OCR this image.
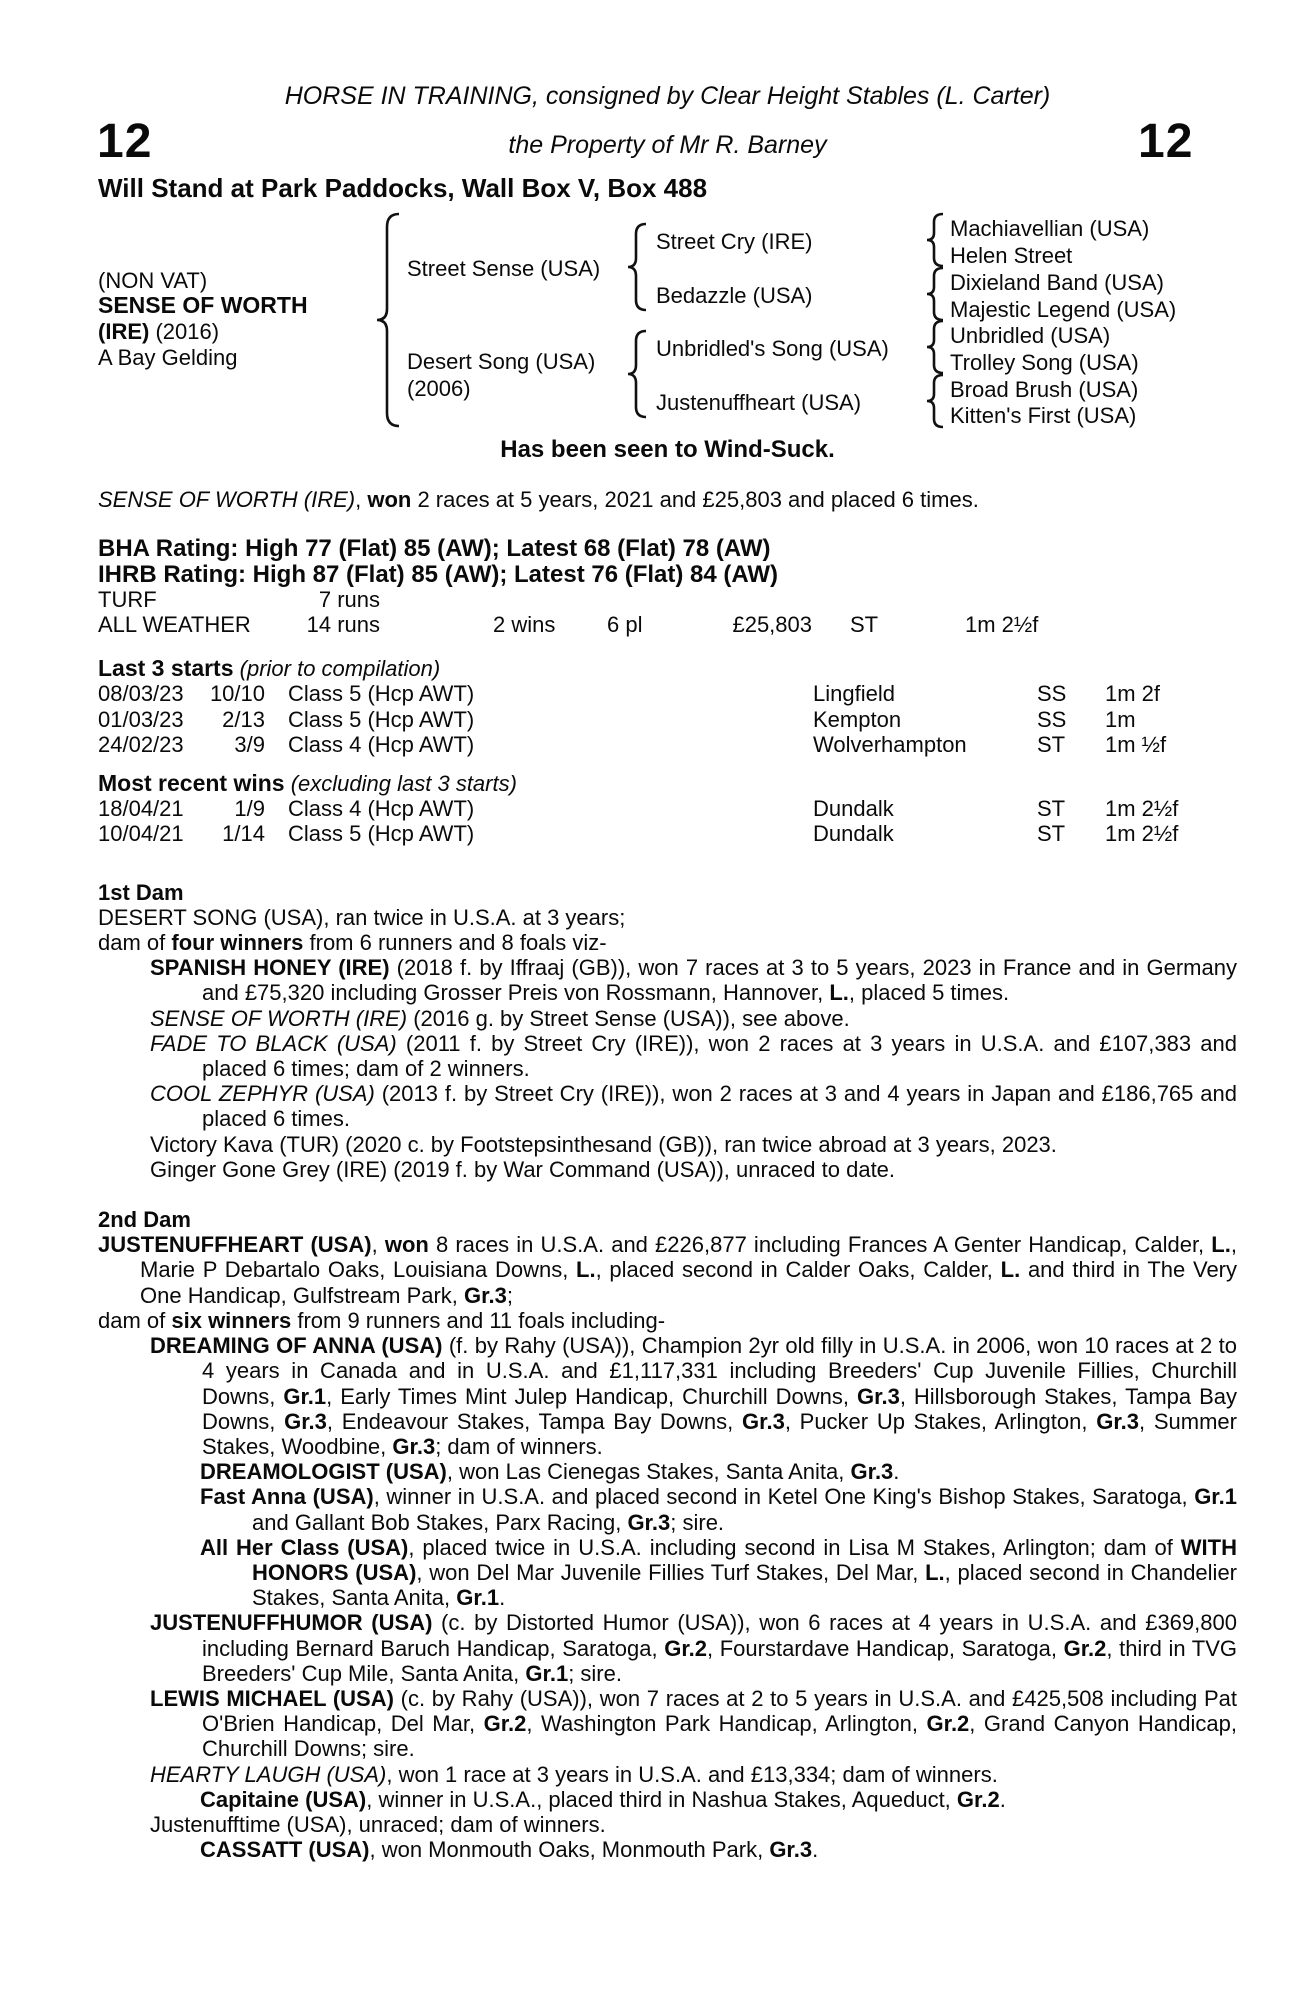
HORSE IN TRAINING, consigned by Clear Height Stables (L. Carter)
the Property of Mr R. Barney
12	12
Will Stand at Park Paddocks, Wall Box V, Box 488
(NON VAT)
SENSE OF WORTH
(IRE) (2016)
A Bay Gelding
Street Sense (USA)
Desert Song (USA)
(2006)
Street Cry (IRE)
Bedazzle (USA)
Unbridled's Song (USA)
Justenuffheart (USA)
Machiavellian (USA)
Helen Street
Dixieland Band (USA)
Majestic Legend (USA)
Unbridled (USA)
Trolley Song (USA)
Broad Brush (USA)
Kitten's First (USA)
Has been seen to Wind-Suck.

SENSE OF WORTH (IRE), won 2 races at 5 years, 2021 and £25,803 and placed 6 times.

BHA Rating: High 77 (Flat) 85 (AW); Latest 68 (Flat) 78 (AW)
IHRB Rating: High 87 (Flat) 85 (AW); Latest 76 (Flat) 84 (AW)
TURF	7 runs
ALL WEATHER	14 runs	2 wins	6 pl	£25,803	ST	1m 2½f
Last 3 starts (prior to compilation)
08/03/23	10/10	Class 5 (Hcp AWT)	Lingfield	SS	1m 2f
01/03/23	2/13	Class 5 (Hcp AWT)	Kempton	SS	1m
24/02/23	3/9	Class 4 (Hcp AWT)	Wolverhampton	ST	1m ½f
Most recent wins (excluding last 3 starts)
18/04/21	1/9	Class 4 (Hcp AWT)	Dundalk	ST	1m 2½f
10/04/21	1/14	Class 5 (Hcp AWT)	Dundalk	ST	1m 2½f
1st Dam

DESERT SONG (USA), ran twice in U.S.A. at 3 years;

dam of four winners from 6 runners and 8 foals viz-

SPANISH HONEY (IRE) (2018 f. by Iffraaj (GB)), won 7 races at 3 to 5 years, 2023 in France and in Germany and £75,320 including Grosser Preis von Rossmann, Hannover, L., placed 5 times.

SENSE OF WORTH (IRE) (2016 g. by Street Sense (USA)), see above.

FADE TO BLACK (USA) (2011 f. by Street Cry (IRE)), won 2 races at 3 years in U.S.A. and £107,383 and placed 6 times; dam of 2 winners.

COOL ZEPHYR (USA) (2013 f. by Street Cry (IRE)), won 2 races at 3 and 4 years in Japan and £186,765 and placed 6 times.

Victory Kava (TUR) (2020 c. by Footstepsinthesand (GB)), ran twice abroad at 3 years, 2023.

Ginger Gone Grey (IRE) (2019 f. by War Command (USA)), unraced to date.

2nd Dam

JUSTENUFFHEART (USA), won 8 races in U.S.A. and £226,877 including Frances A Genter Handicap, Calder, L., Marie P Debartalo Oaks, Louisiana Downs, L., placed second in Calder Oaks, Calder, L. and third in The Very One Handicap, Gulfstream Park, Gr.3;

dam of six winners from 9 runners and 11 foals including-

DREAMING OF ANNA (USA) (f. by Rahy (USA)), Champion 2yr old filly in U.S.A. in 2006, won 10 races at 2 to 4 years in Canada and in U.S.A. and £1,117,331 including Breeders' Cup Juvenile Fillies, Churchill Downs, Gr.1, Early Times Mint Julep Handicap, Churchill Downs, Gr.3, Hillsborough Stakes, Tampa Bay Downs, Gr.3, Endeavour Stakes, Tampa Bay Downs, Gr.3, Pucker Up Stakes, Arlington, Gr.3, Summer Stakes, Woodbine, Gr.3; dam of winners.

DREAMOLOGIST (USA), won Las Cienegas Stakes, Santa Anita, Gr.3.

Fast Anna (USA), winner in U.S.A. and placed second in Ketel One King's Bishop Stakes, Saratoga, Gr.1 and Gallant Bob Stakes, Parx Racing, Gr.3; sire.

All Her Class (USA), placed twice in U.S.A. including second in Lisa M Stakes, Arlington; dam of WITH HONORS (USA), won Del Mar Juvenile Fillies Turf Stakes, Del Mar, L., placed second in Chandelier Stakes, Santa Anita, Gr.1.

JUSTENUFFHUMOR (USA) (c. by Distorted Humor (USA)), won 6 races at 4 years in U.S.A. and £369,800 including Bernard Baruch Handicap, Saratoga, Gr.2, Fourstardave Handicap, Saratoga, Gr.2, third in TVG Breeders' Cup Mile, Santa Anita, Gr.1; sire.

LEWIS MICHAEL (USA) (c. by Rahy (USA)), won 7 races at 2 to 5 years in U.S.A. and £425,508 including Pat O'Brien Handicap, Del Mar, Gr.2, Washington Park Handicap, Arlington, Gr.2, Grand Canyon Handicap, Churchill Downs; sire.

HEARTY LAUGH (USA), won 1 race at 3 years in U.S.A. and £13,334; dam of winners.

Capitaine (USA), winner in U.S.A., placed third in Nashua Stakes, Aqueduct, Gr.2.

Justenufftime (USA), unraced; dam of winners.

CASSATT (USA), won Monmouth Oaks, Monmouth Park, Gr.3.
